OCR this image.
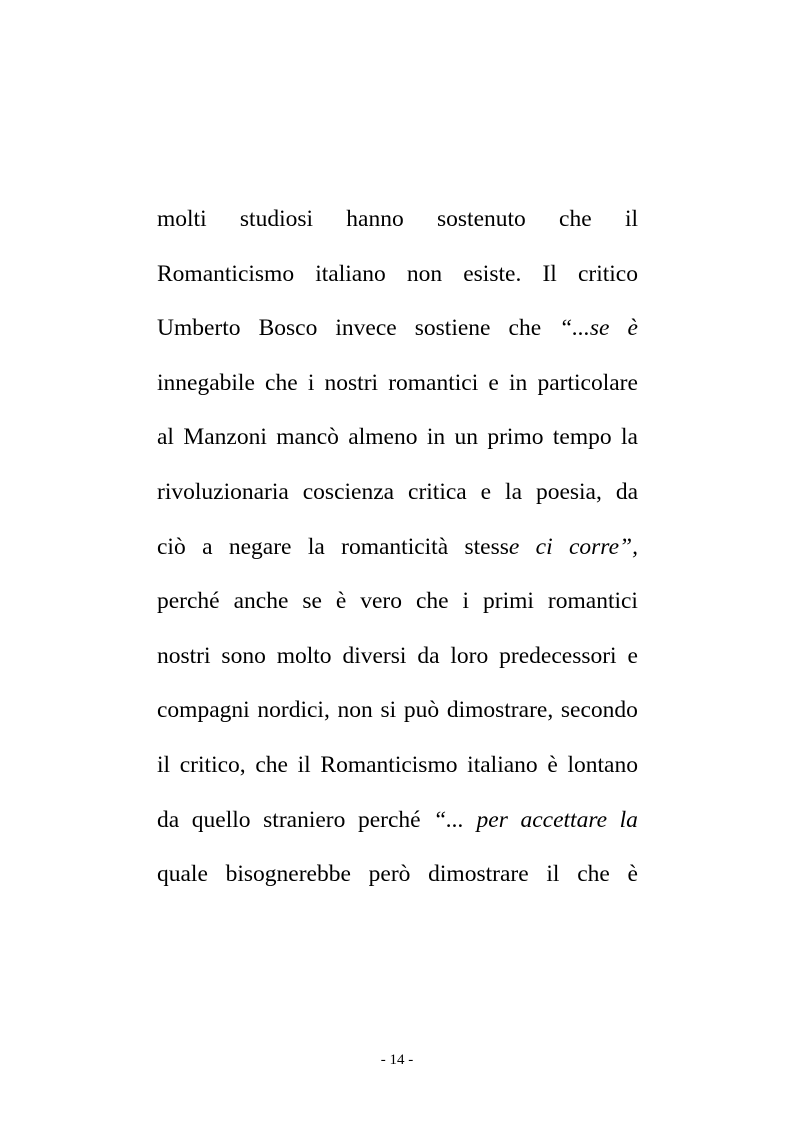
molti studiosi hanno sostenuto che il
Romanticismo italiano non esiste. Il critico
Umberto Bosco invece sostiene che “...se è
innegabile che i nostri romantici e in particolare
al Manzoni mancò almeno in un primo tempo la
rivoluzionaria coscienza critica e la poesia, da
ciò a negare la romanticità stesse ci corre”,
perché anche se è vero che i primi romantici
nostri sono molto diversi da loro predecessori e
compagni nordici, non si può dimostrare, secondo
il critico, che il Romanticismo italiano è lontano
da quello straniero perché “... per accettare la
quale bisognerebbe però dimostrare il che è
- 14 -
